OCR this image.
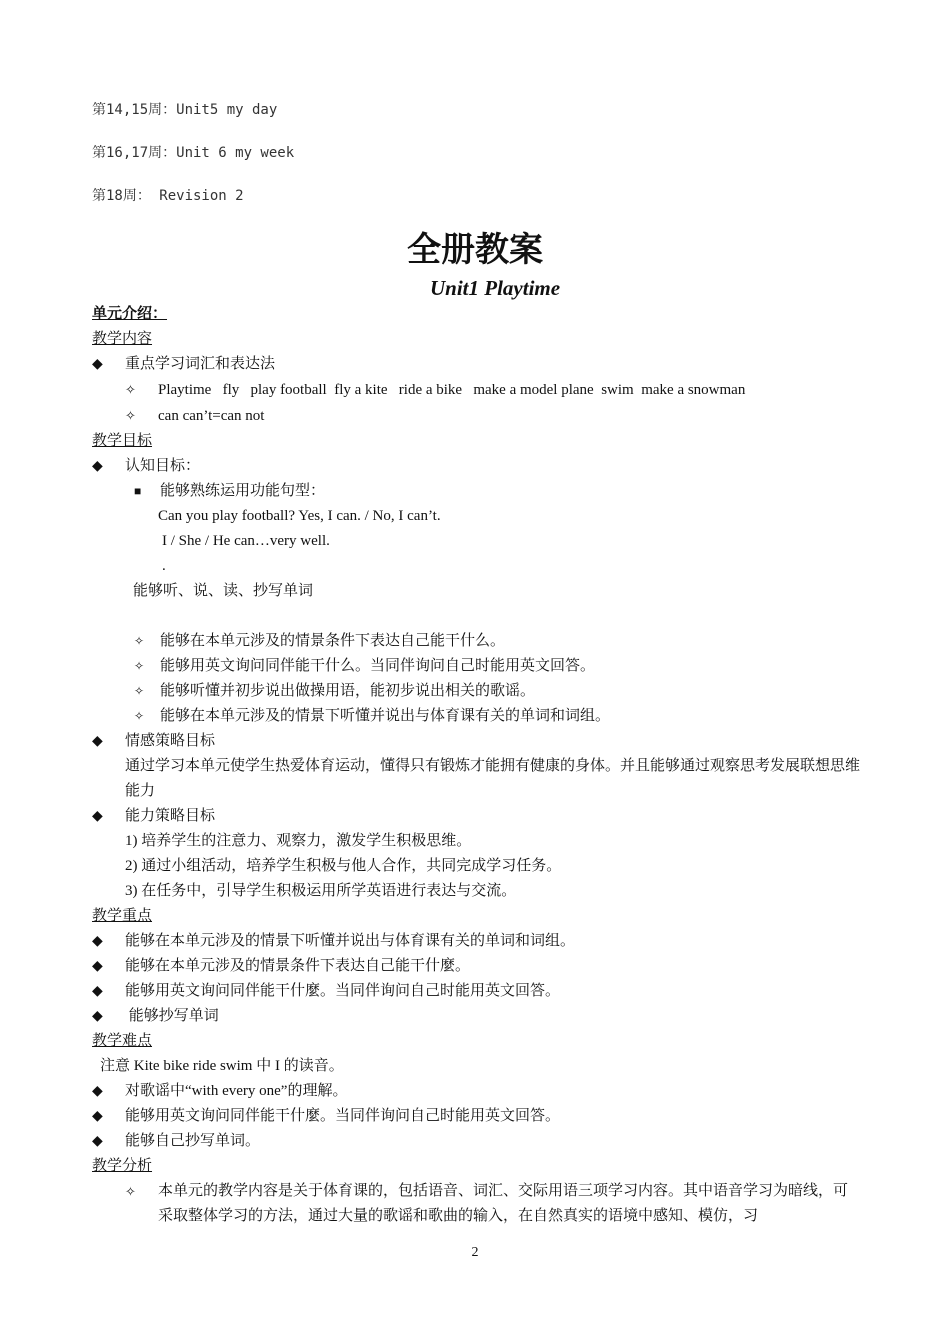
第14,15周：Unit5 my day
第16,17周：Unit 6 my week
第18周： Revision 2
全册教案
Unit1 Playtime
单元介绍：
教学内容
◆ 重点学习词汇和表达法
✧ Playtime   fly   play football  fly a kite   ride a bike   make a model plane  swim  make a snowman
✧ can can’t=can not
教学目标
◆ 认知目标：
■ 能够熟练运用功能句型：
Can you play football? Yes, I can. / No, I can’t.
I / She / He can…very well.
.
能够听、说、读、抄写单词
✧ 能够在本单元涉及的情景条件下表达自己能干什么。
✧ 能够用英文询问同伴能干什么。当同伴询问自己时能用英文回答。
✧ 能够听懂并初步说出做操用语，能初步说出相关的歌谣。
✧ 能够在本单元涉及的情景下听懂并说出与体育课有关的单词和词组。
◆ 情感策略目标
通过学习本单元使学生热爱体育运动，懂得只有锻炼才能拥有健康的身体。并且能够通过观察思考发展联想思维能力
◆ 能力策略目标
1) 培养学生的注意力、观察力，激发学生积极思维。
2) 通过小组活动，培养学生积极与他人合作，共同完成学习任务。
3) 在任务中，引导学生积极运用所学英语进行表达与交流。
教学重点
◆ 能够在本单元涉及的情景下听懂并说出与体育课有关的单词和词组。
◆ 能够在本单元涉及的情景条件下表达自己能干什麼。
◆ 能够用英文询问同伴能干什麼。当同伴询问自己时能用英文回答。
◆ 能够抄写单词
教学难点
注意 Kite bike ride swim 中 I 的读音。
◆ 对歌谣中“with every one”的理解。
◆ 能够用英文询问同伴能干什麼。当同伴询问自己时能用英文回答。
◆ 能够自己抄写单词。
教学分析
✧	本单元的教学内容是关于体育课的，包括语音、词汇、交际用语三项学习内容。其中语音学习为暗线，可采取整体学习的方法，通过大量的歌谣和歌曲的输入，在自然真实的语境中感知、模仿，习
2
